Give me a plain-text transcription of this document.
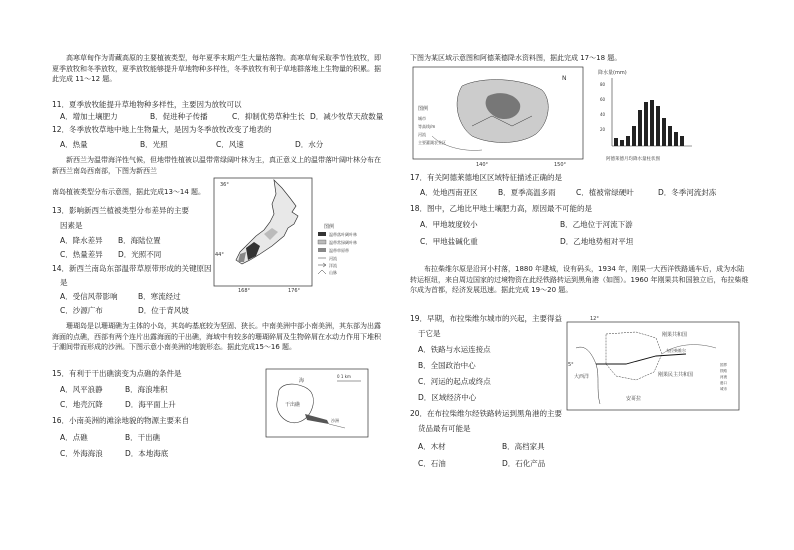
高寒草甸作为青藏高原的主要植被类型，每年夏季末期产生大量枯落物。高寒草甸采取季节性放牧，即夏季放牧和冬季放牧，夏季放牧能够提升草地物种多样性，冬季放牧有利于草地群落地上生物量的积累。据此完成 11～12 题。
11．夏季放牧能提升草地物种多样性，主要因为放牧可以
A．增加土壤肥力	B．促进种子传播	C．抑制优势草种生长 D．减少牧草天敌数量
12．冬季放牧草地中地上生物量大，是因为冬季放牧改变了地表的
A．热量	B．光照	C．风速	D．水分
新西兰为温带海洋性气候，但地带性植被以温带常绿阔叶林为主，真正意义上的温带落叶阔叶林分布在新西兰南岛西南部，下图为新西兰
南岛植被类型分布示意图，据此完成13～14 题。
13．影响新西兰植被类型分布差异的主要
因素是
A．降水差异 B．海陆位置
C．热量差异 D．光照不同
14．新西兰南岛东部温带草原带形成的关键原因
是
A．受信风带影响	B．寒流经过
C．沙源广布	D．位于背风坡
36°
44°
168°	176°
图例
温带落叶阔叶林
温带常绿阔叶林
温带草原带
河流
洋流
山脉
珊瑚岛是以珊瑚礁为主体的小岛，其岛屿基底较为坚固、狭长。中南美洲中部小南美洲，其东部为出露海面的点礁，西部有两个连片出露海面的干出礁，海域中有较多的珊瑚碎屑及生物碎屑在水动力作用下堆积于潮间带而形成的沙洲。下图示意小南美洲的地貌形态。据此完成15～16 题。
15．有利于干出礁演变为点礁的条件是
A．风平浪静	B．海浪堆积
C．地壳沉降	D．海平面上升
16．小南美洲的滩涂地貌的物源主要来自
A．点礁	B．干出礁
C．外海海浪	D．本地海底
海
干出礁
沙洲
0 1 km
下图为某区域示意图和阿德莱德降水资料图，据此完成 17～18 题。
N
图例
城市
等高线/m
河流
主要灌溉农业区
140°	150°
降水量(mm)
80
60
40
20
阿德莱德月均降水量柱状图
17．有关阿德莱德地区区域特征描述正确的是
A．处地西南亚区	B．夏季高温多雨	C．植被常绿硬叶	D．冬季河流封冻
18．图中，乙地比甲地土壤肥力高，原因最不可能的是
A．甲地坡度较小	B．乙地位于河流下游
C．甲地盐碱化重	D．乙地地势相对平坦
布拉柴维尔原是沿河小村落，1880 年建城，设有码头，1934 年，刚果一大西洋铁路通车后，成为水陆转运枢纽，来自周边国家的过境物资在此经铁路转运到黑角港（如图）。1960 年刚果共和国独立后，布拉柴维尔成为首都，经济发展迅速。据此完成 19～20 题。
19．早期，布拉柴维尔城市的兴起，主要得益
于它是
A．铁路与水运连接点
B．全国政治中心
C．河运的起点或终点
D．区域经济中心
20．在布拉柴维尔经铁路转运到黑角港的主要
货品最有可能是
A．木材	B．高档家具
C．石油	D．石化产品
12°
5°
刚果共和国
刚果民主共和国
安哥拉
大西洋
布拉柴维尔
国界
铁路
河流
港口
城市
